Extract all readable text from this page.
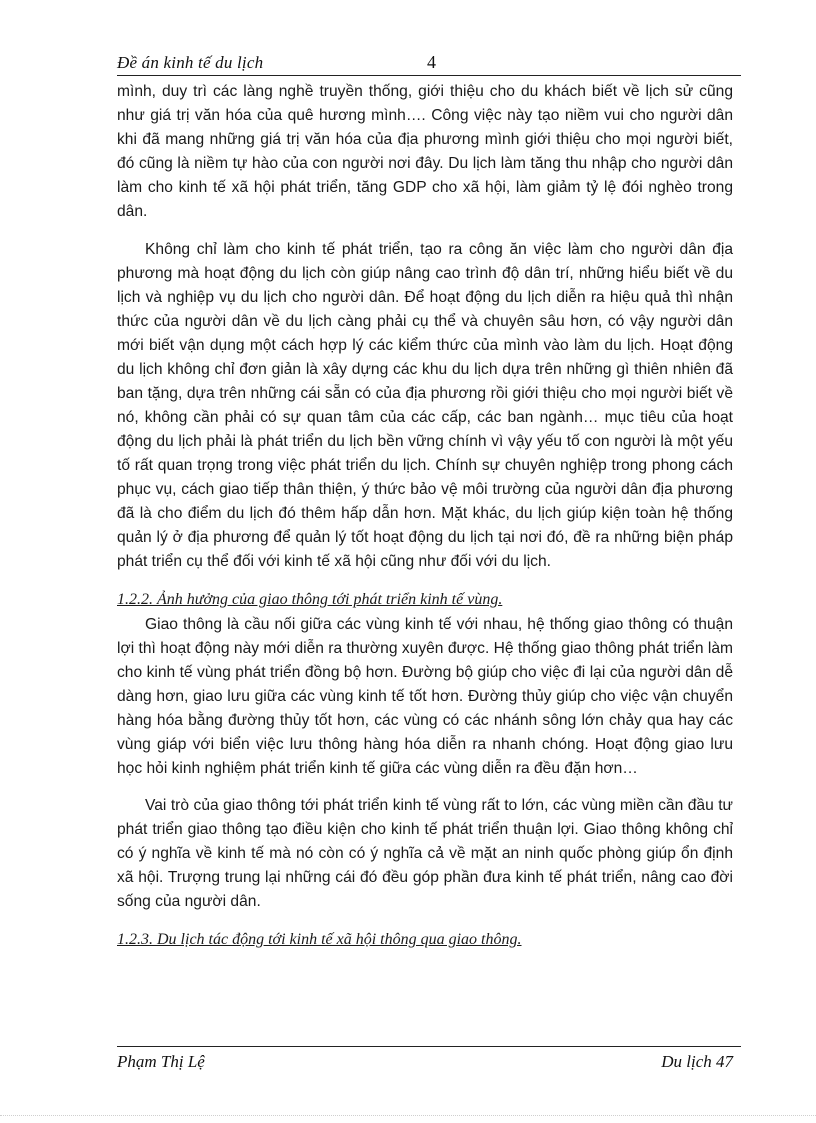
Đề án kinh tế du lịch	4

mình, duy trì các làng nghề truyền thống, giới thiệu cho du khách biết về lịch sử cũng như giá trị văn hóa của quê hương mình…. Công việc này tạo niềm vui cho người dân khi đã mang những giá trị văn hóa của địa phương mình giới thiệu cho mọi người biết, đó cũng là niềm tự hào của con người nơi đây. Du lịch làm tăng thu nhập cho người dân làm cho kinh tế xã hội phát triển, tăng GDP cho xã hội, làm giảm tỷ lệ đói nghèo trong dân.

Không chỉ làm cho kinh tế phát triển, tạo ra công ăn việc làm cho người dân địa phương mà hoạt động du lịch còn giúp nâng cao trình độ dân trí, những hiểu biết về du lịch và nghiệp vụ du lịch cho người dân. Để hoạt động du lịch diễn ra hiệu quả thì nhận thức của người dân về du lịch càng phải cụ thể và chuyên sâu hơn, có vậy người dân mới biết vận dụng một cách hợp lý các kiểm thức của mình vào làm du lịch. Hoạt động du lịch không chỉ đơn giản là xây dựng các khu du lịch dựa trên những gì thiên nhiên đã ban tặng, dựa trên những cái sẵn có của địa phương rồi giới thiệu cho mọi người biết về nó, không cần phải có sự quan tâm của các cấp, các ban ngành… mục tiêu của hoạt động du lịch phải là phát triển du lịch bền vững chính vì vậy yếu tố con người là một yếu tố rất quan trọng trong việc phát triển du lịch. Chính sự chuyên nghiệp trong phong cách phục vụ, cách giao tiếp thân thiện, ý thức bảo vệ môi trường của người dân địa phương đã là cho điểm du lịch đó thêm hấp dẫn hơn. Mặt khác, du lịch giúp kiện toàn hệ thống quản lý ở địa phương để quản lý tốt hoạt động du lịch tại nơi đó, đề ra những biện pháp phát triển cụ thể đối với kinh tế xã hội cũng như đối với du lịch.

1.2.2. Ảnh hưởng của giao thông tới phát triển kinh tế vùng.

Giao thông là cầu nối giữa các vùng kinh tế với nhau, hệ thống giao thông có thuận lợi thì hoạt động này mới diễn ra thường xuyên được. Hệ thống giao thông phát triển làm cho kinh tế vùng phát triển đồng bộ hơn. Đường bộ giúp cho việc đi lại của người dân dễ dàng hơn, giao lưu giữa các vùng kinh tế tốt hơn. Đường thủy giúp cho việc vận chuyển hàng hóa bằng đường thủy tốt hơn, các vùng có các nhánh sông lớn chảy qua hay các vùng giáp với biển việc lưu thông hàng hóa diễn ra nhanh chóng. Hoạt động giao lưu học hỏi kinh nghiệm phát triển kinh tế giữa các vùng diễn ra đều đặn hơn…

Vai trò của giao thông tới phát triển kinh tế vùng rất to lớn, các vùng miền cần đầu tư phát triển giao thông tạo điều kiện cho kinh tế phát triển thuận lợi. Giao thông không chỉ có ý nghĩa về kinh tế mà nó còn có ý nghĩa cả về mặt an ninh quốc phòng giúp ổn định xã hội. Trượng trung lại những cái đó đều góp phần đưa kinh tế phát triển, nâng cao đời sống của người dân.

1.2.3. Du lịch tác động tới kinh tế xã hội thông qua giao thông.

Phạm Thị Lệ	Du lịch 47
